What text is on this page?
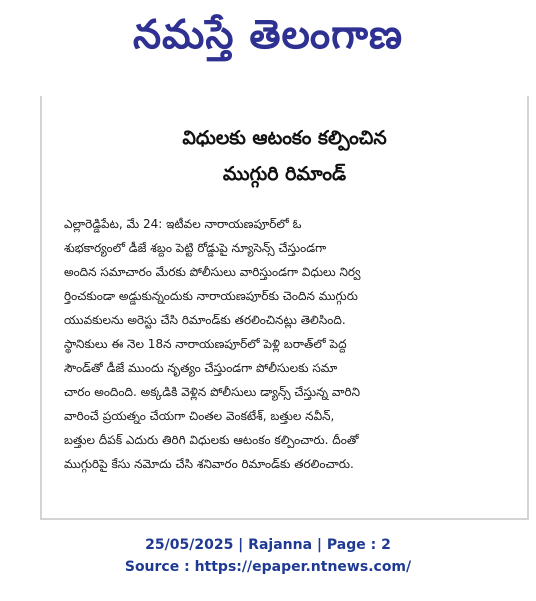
నమస్తే తెలంగాణ
విధులకు ఆటంకం కల్పించిన
ముగ్గురి రిమాండ్
ఎల్లారెడ్డిపేట, మే 24: ఇటీవల నారాయణపూర్‌లో ఓ
శుభకార్యంలో డీజే శబ్దం పెట్టి రోడ్డుపై న్యూసెన్స్ చేస్తుండగా
అందిన సమాచారం మేరకు పోలీసులు వారిస్తుండగా విధులు నిర్వ
ర్తించకుండా అడ్డుకున్నందుకు నారాయణపూర్‌కు చెందిన ముగ్గురు
యువకులను అరెస్టు చేసి రిమాండ్‌కు తరలించినట్లు తెలిసింది.
స్థానికులు ఈ నెల 18న నారాయణపూర్‌లో పెళ్లి బరాత్‌లో పెద్ద
సౌండ్‌తో డీజే ముందు నృత్యం చేస్తుండగా పోలీసులకు సమా
చారం అందింది. అక్కడికి వెళ్లిన పోలీసులు డ్యాన్స్ చేస్తున్న వారిని
వారించే ప్రయత్నం చేయగా చింతల వెంకటేశ్, బత్తుల నవీన్,
బత్తుల దీపక్ ఎదురు తిరిగి విధులకు ఆటంకం కల్పించారు. దీంతో
ముగ్గురిపై కేసు నమోదు చేసి శనివారం రిమాండ్‌కు తరలించారు.
25/05/2025 | Rajanna | Page : 2
Source : https://epaper.ntnews.com/
